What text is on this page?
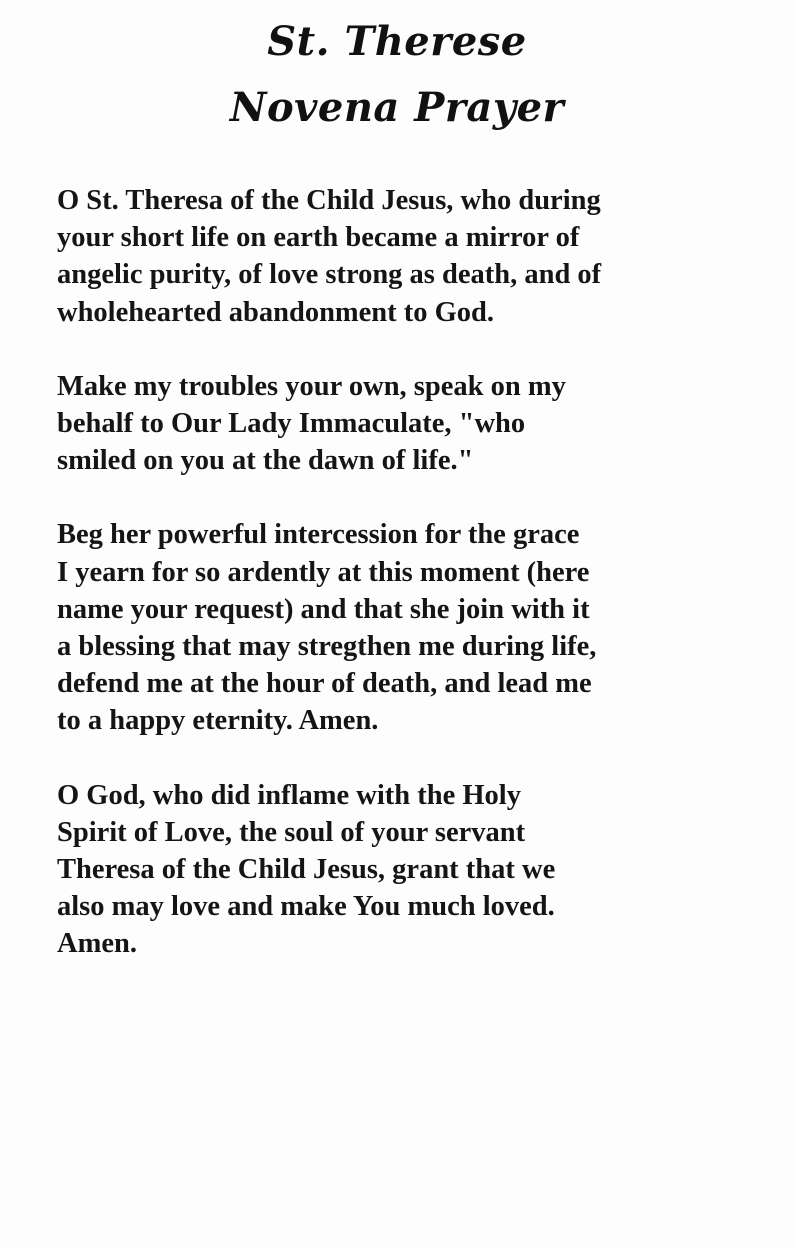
St. Therese
Novena Prayer

O St. Theresa of the Child Jesus, who during
your short life on earth became a mirror of
angelic purity, of love strong as death, and of
wholehearted abandonment to God.

Make my troubles your own, speak on my
behalf to Our Lady Immaculate, "who
smiled on you at the dawn of life."

Beg her powerful intercession for the grace
I yearn for so ardently at this moment (here
name your request) and that she join with it
a blessing that may stregthen me during life,
defend me at the hour of death, and lead me
to a happy eternity. Amen.

O God, who did inflame with the Holy
Spirit of Love, the soul of your servant
Theresa of the Child Jesus, grant that we
also may love and make You much loved.
Amen.
